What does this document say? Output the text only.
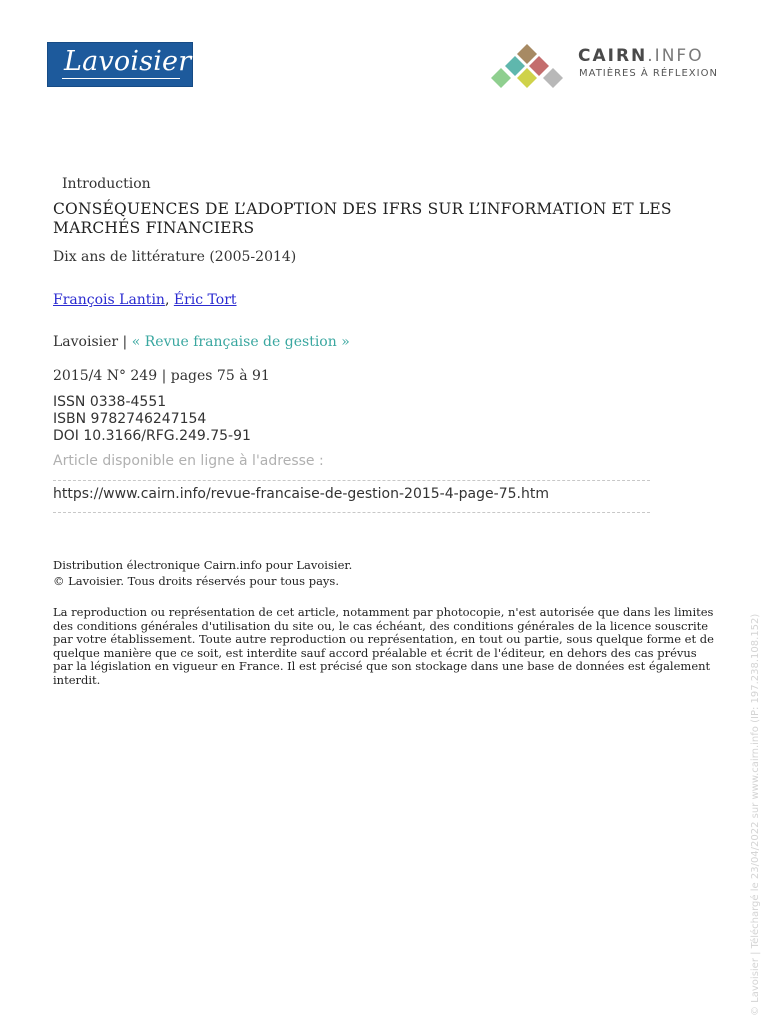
Lavoisier	CAIRN.INFO
MATIÈRES À RÉFLEXION
Introduction
CONSÉQUENCES DE L’ADOPTION DES IFRS SUR L’INFORMATION ET LES MARCHÉS FINANCIERS
Dix ans de littérature (2005-2014)
François Lantin, Éric Tort
Lavoisier | « Revue française de gestion »
2015/4 N° 249 | pages 75 à 91
ISSN 0338-4551
ISBN 9782746247154
DOI 10.3166/RFG.249.75-91
Article disponible en ligne à l'adresse :
https://www.cairn.info/revue-francaise-de-gestion-2015-4-page-75.htm
Distribution électronique Cairn.info pour Lavoisier.
© Lavoisier. Tous droits réservés pour tous pays.
La reproduction ou représentation de cet article, notamment par photocopie, n'est autorisée que dans les limites des conditions générales d'utilisation du site ou, le cas échéant, des conditions générales de la licence souscrite par votre établissement. Toute autre reproduction ou représentation, en tout ou partie, sous quelque forme et de quelque manière que ce soit, est interdite sauf accord préalable et écrit de l'éditeur, en dehors des cas prévus par la législation en vigueur en France. Il est précisé que son stockage dans une base de données est également interdit.	© Lavoisier | Téléchargé le 23/04/2022 sur www.cairn.info (IP: 197.238.108.152)
